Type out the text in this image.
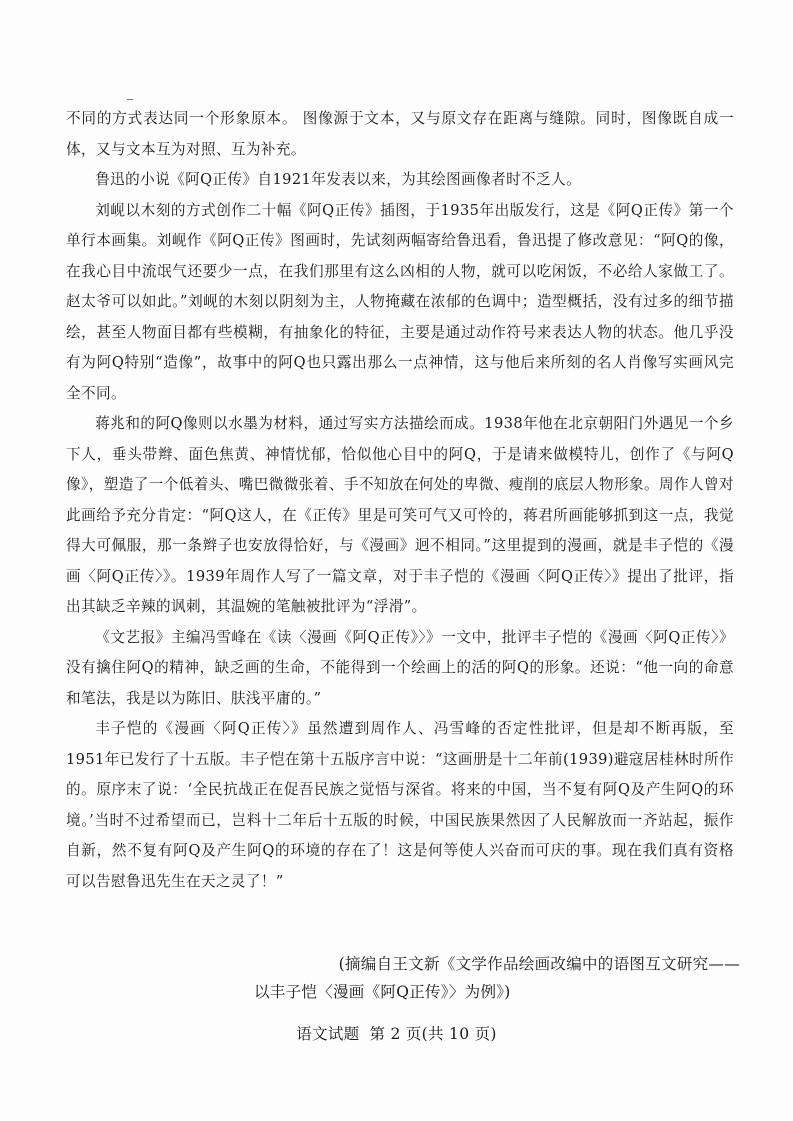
不同的方式表达同一个形象原本。 图像源于文本，又与原文存在距离与缝隙。同时，图像既自成一体，又与文本互为对照、互为补充。

鲁迅的小说《阿Q正传》自1921年发表以来，为其绘图画像者时不乏人。

刘岘以木刻的方式创作二十幅《阿Q正传》插图，于1935年出版发行，这是《阿Q正传》第一个单行本画集。刘岘作《阿Q正传》图画时，先试刻两幅寄给鲁迅看，鲁迅提了修改意见：“阿Q的像，在我心目中流氓气还要少一点，在我们那里有这么凶相的人物，就可以吃闲饭，不必给人家做工了。赵太爷可以如此。”刘岘的木刻以阴刻为主，人物掩藏在浓郁的色调中；造型概括，没有过多的细节描绘，甚至人物面目都有些模糊，有抽象化的特征，主要是通过动作符号来表达人物的状态。他几乎没有为阿Q特别“造像”，故事中的阿Q也只露出那么一点神情，这与他后来所刻的名人肖像写实画风完全不同。

蒋兆和的阿Q像则以水墨为材料，通过写实方法描绘而成。1938年他在北京朝阳门外遇见一个乡下人，垂头带辫、面色焦黄、神情忧郁，恰似他心目中的阿Q，于是请来做模特儿，创作了《与阿Q像》，塑造了一个低着头、嘴巴微微张着、手不知放在何处的卑微、瘦削的底层人物形象。周作人曾对此画给予充分肯定：“阿Q这人，在《正传》里是可笑可气又可怜的，蒋君所画能够抓到这一点，我觉得大可佩服，那一条辫子也安放得恰好，与《漫画》迥不相同。”这里提到的漫画，就是丰子恺的《漫画〈阿Q正传〉》。1939年周作人写了一篇文章，对于丰子恺的《漫画〈阿Q正传〉》提出了批评，指出其缺乏辛辣的讽刺，其温婉的笔触被批评为“浮滑”。

《文艺报》主编冯雪峰在《读〈漫画《阿Q正传》〉》一文中，批评丰子恺的《漫画〈阿Q正传〉》没有擒住阿Q的精神，缺乏画的生命，不能得到一个绘画上的活的阿Q的形象。还说：“他一向的命意和笔法，我是以为陈旧、肤浅平庸的。”

丰子恺的《漫画〈阿Q正传〉》虽然遭到周作人、冯雪峰的否定性批评，但是却不断再版，至1951年已发行了十五版。丰子恺在第十五版序言中说：“这画册是十二年前(1939)避寇居桂林时所作的。原序末了说：‘全民抗战正在促吾民族之觉悟与深省。将来的中国，当不复有阿Q及产生阿Q的环境。’当时不过希望而已，岂料十二年后十五版的时候，中国民族果然因了人民解放而一齐站起，振作自新，然不复有阿Q及产生阿Q的环境的存在了！这是何等使人兴奋而可庆的事。现在我们真有资格可以告慰鲁迅先生在天之灵了！”

(摘编自王文新《文学作品绘画改编中的语图互文研究——
以丰子恺〈漫画《阿Q正传》〉为例》)
语文试题 第 2 页(共 10 页)
